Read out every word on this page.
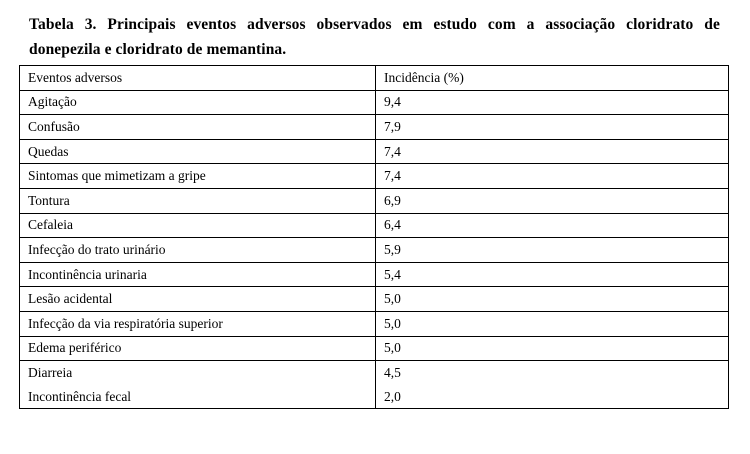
Tabela 3. Principais eventos adversos observados em estudo com a associação cloridrato de
donepezila e cloridrato de memantina.
Eventos adversos	Incidência (%)
Agitação	9,4
Confusão	7,9
Quedas	7,4
Sintomas que mimetizam a gripe	7,4
Tontura	6,9
Cefaleia	6,4
Infecção do trato urinário	5,9
Incontinência urinaria	5,4
Lesão acidental	5,0
Infecção da via respiratória superior	5,0
Edema periférico	5,0
Diarreia	4,5
Incontinência fecal	2,0
